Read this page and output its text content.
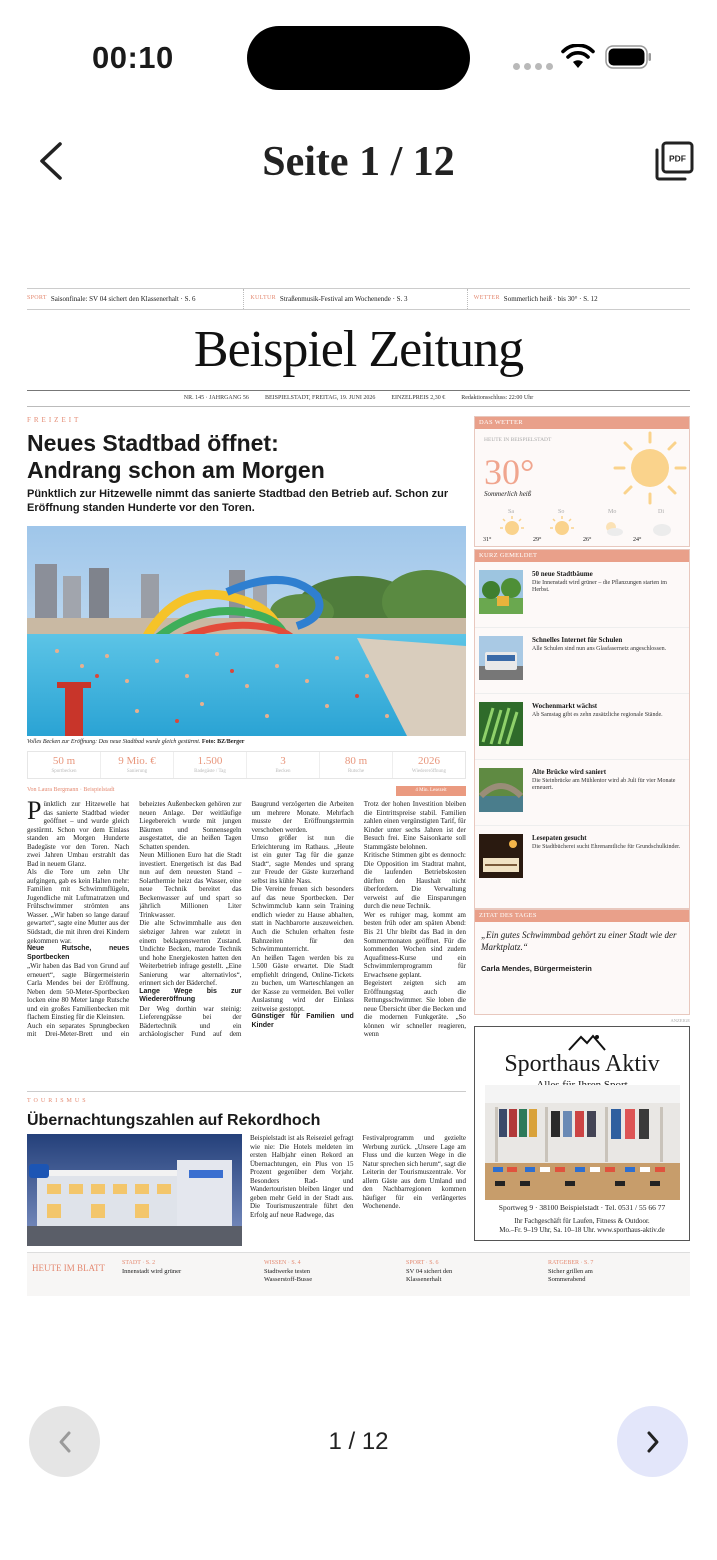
00:10
Seite 1 / 12	PDF
SPORT Saisonfinale: SV 04 sichert den Klassenerhalt · S. 6	KULTUR Straßenmusik-Festival am Wochenende · S. 3	WETTER Sommerlich heiß · bis 30° · S. 12
Beispiel Zeitung
NR. 145 · JAHRGANG 56	BEISPIELSTADT, FREITAG, 19. JUNI 2026	EINZELPREIS 2,30 €	Redaktionsschluss: 22:00 Uhr
FREIZEIT
Neues Stadtbad öffnet:
Andrang schon am Morgen
Pünktlich zur Hitzewelle nimmt das sanierte Stadtbad den Betrieb auf. Schon zur Eröffnung standen Hunderte vor den Toren.
Volles Becken zur Eröffnung: Das neue Stadtbad wurde gleich gestürmt. Foto: BZ/Berger
50 m
Sportbecken
9 Mio. €
Sanierung
1.500
Badegäste / Tag
3
Becken
80 m
Rutsche
2026
Wiedereröffnung
Von Laura Bergmann · Beispielstadt	4 Min. Lesezeit

Pünktlich zur Hitzewelle hat das sanierte Stadtbad wieder geöffnet – und wurde gleich gestürmt. Schon vor dem Einlass standen am Morgen Hunderte Badegäste vor den Toren. Nach zwei Jahren Umbau erstrahlt das Bad in neuem Glanz.

Als die Tore um zehn Uhr aufgingen, gab es kein Halten mehr: Familien mit Schwimmflügeln, Jugendliche mit Luftmatratzen und Frühschwimmer strömten ans Wasser. „Wir haben so lange darauf gewartet“, sagte eine Mutter aus der Südstadt, die mit ihren drei Kindern gekommen war.

Neue Rutsche, neues Sportbecken

„Wir haben das Bad von Grund auf erneuert“, sagte Bürgermeisterin Carla Mendes bei der Eröffnung. Neben dem 50-Meter-Sportbecken locken eine 80 Meter lange Rutsche und ein großes Familienbecken mit flachem Einstieg für die Kleinsten.

Auch ein separates Sprungbecken mit Drei-Meter-Brett und ein beheiztes Außenbecken gehören zur neuen Anlage. Der weitläufige Liegebereich wurde mit jungen Bäumen und Sonnensegeln ausgestattet, die an heißen Tagen Schatten spenden.

Neun Millionen Euro hat die Stadt investiert. Energetisch ist das Bad nun auf dem neuesten Stand – Solarthermie heizt das Wasser, eine neue Technik bereitet das Beckenwasser auf und spart so jährlich Millionen Liter Trinkwasser.

Die alte Schwimmhalle aus den siebziger Jahren war zuletzt in einem beklagenswerten Zustand. Undichte Becken, marode Technik und hohe Energiekosten hatten den Weiterbetrieb infrage gestellt. „Eine Sanierung war alternativlos“, erinnert sich der Bäderchef.

Lange Wege bis zur Wiedereröffnung

Der Weg dorthin war steinig: Lieferengpässe bei der Bädertechnik und ein archäologischer Fund auf dem Baugrund verzögerten die Arbeiten um mehrere Monate. Mehrfach musste der Eröffnungstermin verschoben werden.

Umso größer ist nun die Erleichterung im Rathaus. „Heute ist ein guter Tag für die ganze Stadt“, sagte Mendes und sprang zur Freude der Gäste kurzerhand selbst ins kühle Nass.

Die Vereine freuen sich besonders auf das neue Sportbecken. Der Schwimmclub kann sein Training endlich wieder zu Hause abhalten, statt in Nachbarorte auszuweichen. Auch die Schulen erhalten feste Bahnzeiten für den Schwimmunterricht.

An heißen Tagen werden bis zu 1.500 Gäste erwartet. Die Stadt empfiehlt dringend, Online-Tickets zu buchen, um Warteschlangen an der Kasse zu vermeiden. Bei voller Auslastung wird der Einlass zeitweise gestoppt.

Günstiger für Familien und Kinder

Trotz der hohen Investition bleiben die Eintrittspreise stabil. Familien zahlen einen vergünstigten Tarif, für Kinder unter sechs Jahren ist der Besuch frei. Eine Saisonkarte soll Stammgäste belohnen.

Kritische Stimmen gibt es dennoch: Die Opposition im Stadtrat mahnt, die laufenden Betriebskosten dürften den Haushalt nicht überfordern. Die Verwaltung verweist auf die Einsparungen durch die neue Technik.

Wer es ruhiger mag, kommt am besten früh oder am späten Abend: Bis 21 Uhr bleibt das Bad in den Sommermonaten geöffnet. Für die kommenden Wochen sind zudem Aquafitness-Kurse und ein Schwimmlernprogramm für Erwachsene geplant.

Begeistert zeigten sich am Eröffnungstag auch die Rettungsschwimmer. Sie loben die neue Übersicht über die Becken und die modernen Funkgeräte. „So können wir schneller reagieren, wenn

TOURISMUS
Übernachtungszahlen auf Rekordhoch

Beispielstadt ist als Reiseziel gefragt wie nie: Die Hotels meldeten im ersten Halbjahr einen Rekord an Übernachtungen, ein Plus von 15 Prozent gegenüber dem Vorjahr. Besonders Rad- und Wandertouristen bleiben länger und geben mehr Geld in der Stadt aus. Die Tourismuszentrale führt den Erfolg auf neue Radwege, das

Festivalprogramm und gezielte Werbung zurück. „Unsere Lage am Fluss und die kurzen Wege in die Natur sprechen sich herum“, sagt die Leiterin der Tourismuszentrale. Vor allem Gäste aus dem Umland und den Nachbarregionen kommen häufiger für ein verlängertes Wochenende.

DAS WETTER
HEUTE IN BEISPIELSTADT
30°
Sommerlich heiß
Sa
31°
So
29°
Mo
26°
Di
24°
KURZ GEMELDET
50 neue Stadtbäume
Die Innenstadt wird grüner – die Pflanzungen starten im Herbst.
Schnelles Internet für Schulen
Alle Schulen sind nun ans Glasfasernetz angeschlossen.
Wochenmarkt wächst
Ab Samstag gibt es zehn zusätzliche regionale Stände.
Alte Brücke wird saniert
Die Steinbrücke am Mühlentor wird ab Juli für vier Monate erneuert.
Lesepaten gesucht
Die Stadtbücherei sucht Ehrenamtliche für Grundschulkinder.
ZITAT DES TAGES
„Ein gutes Schwimmbad gehört zu einer Stadt wie der Marktplatz.“
Carla Mendes, Bürgermeisterin
ANZEIGE
Sporthaus Aktiv
Sportweg 9 · 38100 Beispielstadt · Tel. 0531 / 55 66 77
Ihr Fachgeschäft für Laufen, Fitness & Outdoor.
Mo.–Fr. 9–19 Uhr, Sa. 10–18 Uhr. www.sporthaus-aktiv.de
HEUTE IM BLATT	STADT · S. 2
Innenstadt wird grüner
WISSEN · S. 4
Stadtwerke testen Wasserstoff-Busse
SPORT · S. 6
SV 04 sichert den Klassenerhalt
RATGEBER · S. 7
Sicher grillen am Sommerabend
1 / 12
